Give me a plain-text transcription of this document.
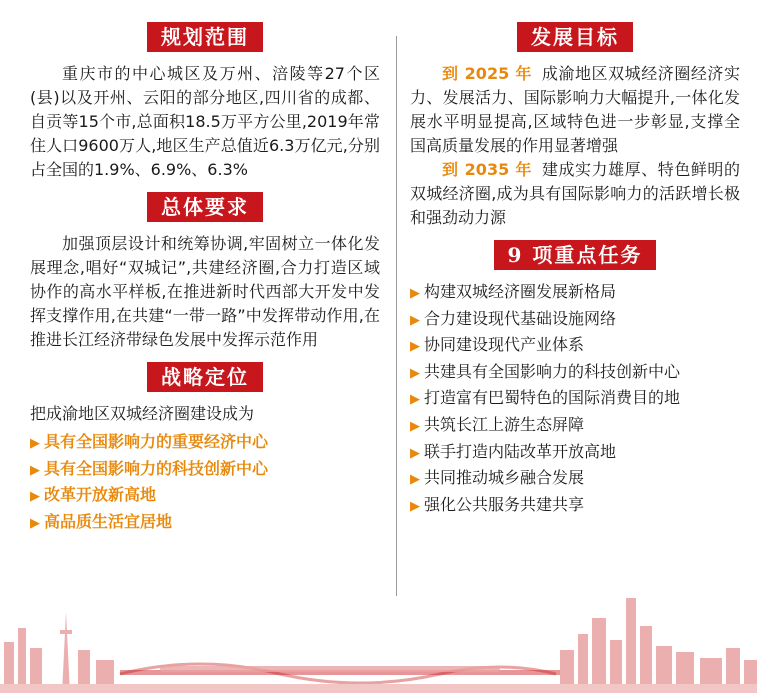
规划范围

重庆市的中心城区及万州、涪陵等27个区(县)以及开州、云阳的部分地区,四川省的成都、自贡等15个市,总面积18.5万平方公里,2019年常住人口9600万人,地区生产总值近6.3万亿元,分别占全国的1.9%、6.9%、6.3%

总体要求

加强顶层设计和统筹协调,牢固树立一体化发展理念,唱好“双城记”,共建经济圈,合力打造区域协作的高水平样板,在推进新时代西部大开发中发挥支撑作用,在共建“一带一路”中发挥带动作用,在推进长江经济带绿色发展中发挥示范作用

战略定位

把成渝地区双城经济圈建设成为

▶ 具有全国影响力的重要经济中心
▶ 具有全国影响力的科技创新中心
▶ 改革开放新高地
▶ 高品质生活宜居地
发展目标

到 2025 年 成渝地区双城经济圈经济实力、发展活力、国际影响力大幅提升,一体化发展水平明显提高,区域特色进一步彰显,支撑全国高质量发展的作用显著增强

到 2035 年 建成实力雄厚、特色鲜明的双城经济圈,成为具有国际影响力的活跃增长极和强劲动力源

9 项重点任务
▶ 构建双城经济圈发展新格局
▶ 合力建设现代基础设施网络
▶ 协同建设现代产业体系
▶ 共建具有全国影响力的科技创新中心
▶ 打造富有巴蜀特色的国际消费目的地
▶ 共筑长江上游生态屏障
▶ 联手打造内陆改革开放高地
▶ 共同推动城乡融合发展
▶ 强化公共服务共建共享
